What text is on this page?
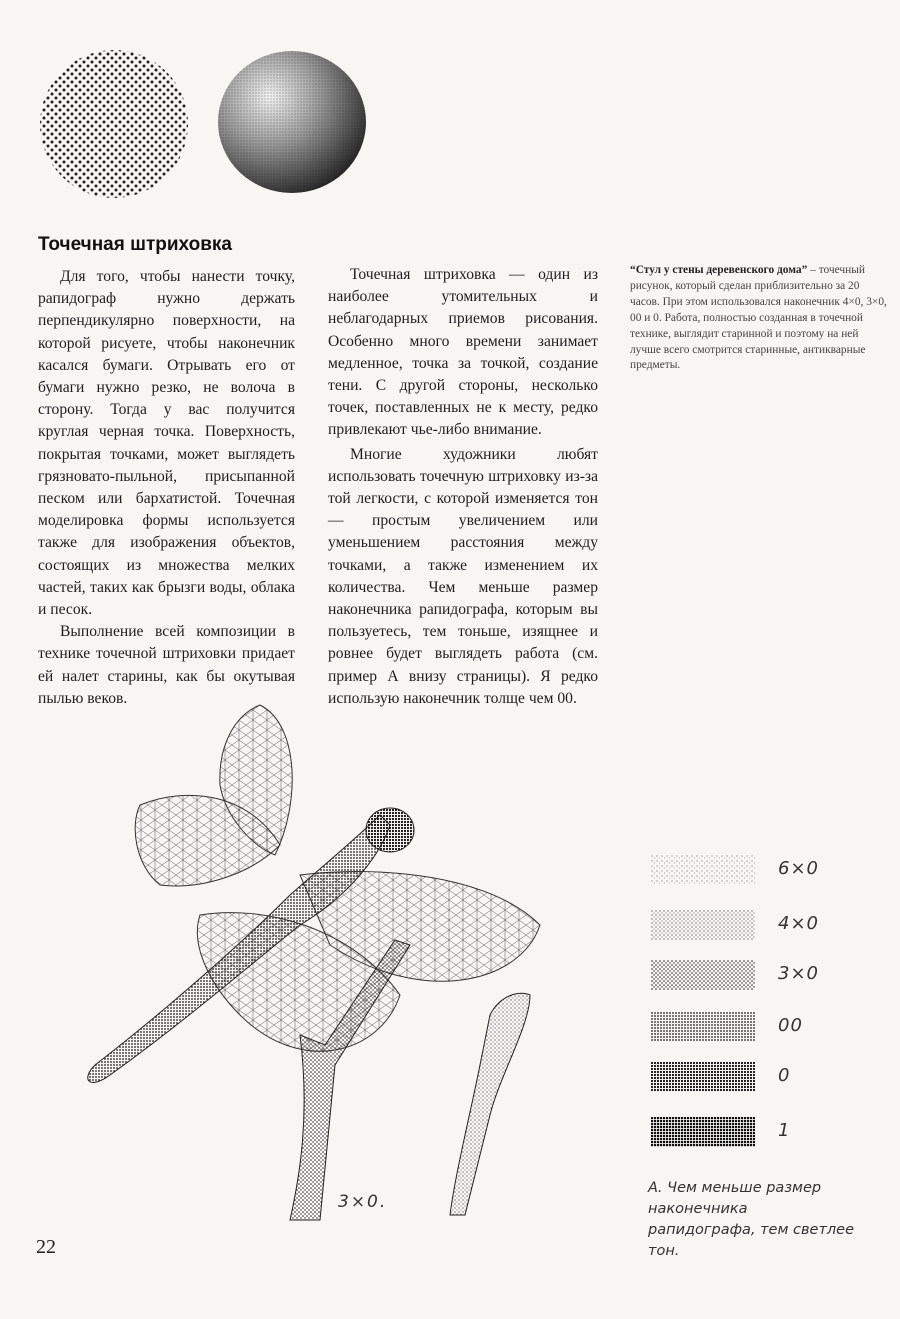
Точечная штриховка

Для того, чтобы нанести точку, рапидограф нужно держать перпендикулярно поверхности, на которой рисуете, чтобы наконечник касался бумаги. Отрывать его от бумаги нужно резко, не волоча в сторону. Тогда у вас получится круглая черная точка. Поверхность, покрытая точками, может выглядеть грязновато-пыльной, присыпанной песком или бархатистой. Точечная моделировка формы используется также для изображения объектов, состоящих из множества мелких частей, таких как брызги воды, облака и песок.

Выполнение всей композиции в технике точечной штриховки придает ей налет старины, как бы окутывая пылью веков.

Точечная штриховка — один из наиболее утомительных и неблагодарных приемов рисования. Особенно много времени занимает медленное, точка за точкой, создание тени. С другой стороны, несколько точек, поставленных не к месту, редко привлекают чье-либо внимание.

Многие художники любят использовать точечную штриховку из-за той легкости, с которой изменяется тон — простым увеличением или уменьшением расстояния между точками, а также изменением их количества. Чем меньше размер наконечника рапидографа, которым вы пользуетесь, тем тоньше, изящнее и ровнее будет выглядеть работа (см. пример А внизу страницы). Я редко использую наконечник толще чем 00.

“Стул у стены деревенского дома” – точечный рисунок, который сделан приблизительно за 20 часов. При этом использовался наконечник 4×0, 3×0, 00 и 0. Работа, полностью созданная в точечной технике, выглядит старинной и поэтому на ней лучше всего смотрится старинные, антикварные предметы.
3×0.
6×0
4×0
3×0
00
0
1
А. Чем меньше размер наконечника рапидографа, тем светлее тон.
22
